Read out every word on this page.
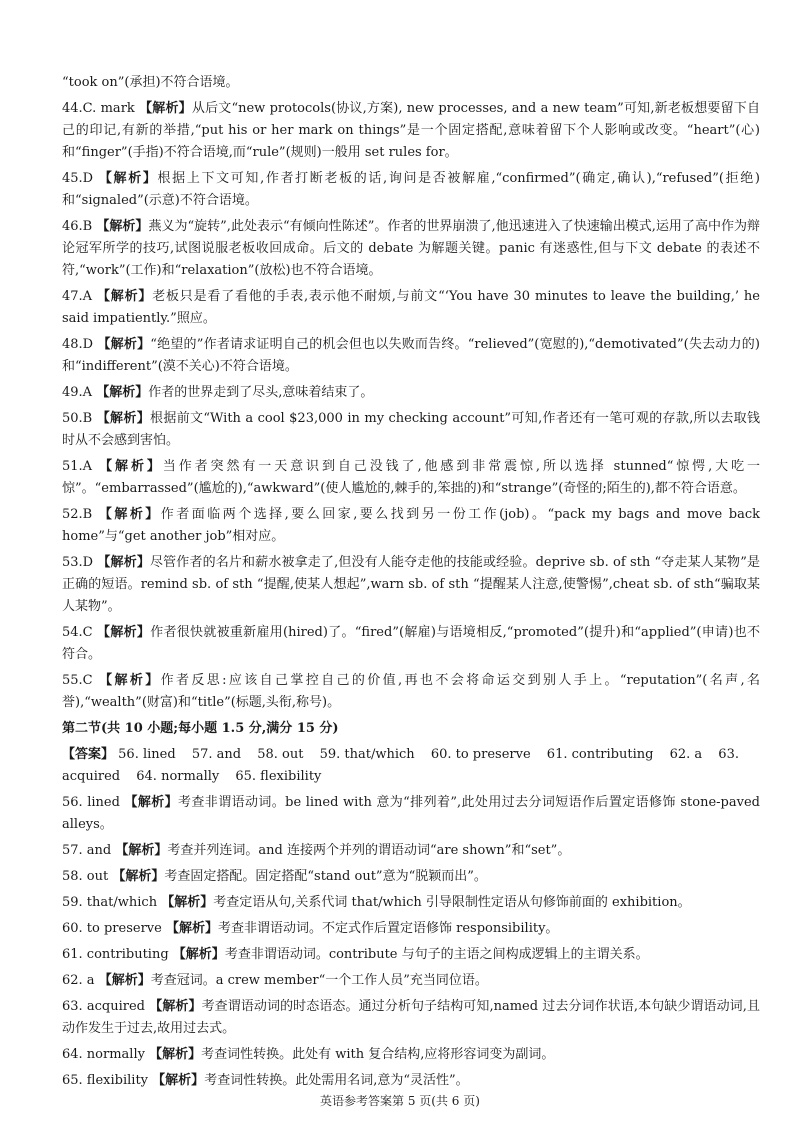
“took on”(承担)不符合语境。

44.C. mark 【解析】从后文“new protocols(协议,方案), new processes, and a new team”可知,新老板想要留下自己的印记,有新的举措,“put his or her mark on things”是一个固定搭配,意味着留下个人影响或改变。“heart”(心)和“finger”(手指)不符合语境,而“rule”(规则)一般用 set rules for。

45.D 【解析】根据上下文可知,作者打断老板的话,询问是否被解雇,“confirmed”(确定,确认),“refused”(拒绝)和“signaled”(示意)不符合语境。

46.B 【解析】燕义为“旋转”,此处表示“有倾向性陈述”。作者的世界崩溃了,他迅速进入了快速输出模式,运用了高中作为辩论冠军所学的技巧,试图说服老板收回成命。后文的 debate 为解题关键。panic 有迷惑性,但与下文 debate 的表述不符,“work”(工作)和“relaxation”(放松)也不符合语境。

47.A 【解析】老板只是看了看他的手表,表示他不耐烦,与前文“‘You have 30 minutes to leave the building,’ he said impatiently.”照应。

48.D 【解析】“绝望的”作者请求证明自己的机会但也以失败而告终。“relieved”(宽慰的),“demotivated”(失去动力的)和“indifferent”(漠不关心)不符合语境。

49.A 【解析】作者的世界走到了尽头,意味着结束了。

50.B 【解析】根据前文“With a cool $23,000 in my checking account”可知,作者还有一笔可观的存款,所以去取钱时从不会感到害怕。

51.A 【解析】当作者突然有一天意识到自己没钱了,他感到非常震惊,所以选择 stunned“惊愕,大吃一惊”。“embarrassed”(尴尬的),“awkward”(使人尴尬的,棘手的,笨拙的)和“strange”(奇怪的;陌生的),都不符合语意。

52.B 【解析】作者面临两个选择,要么回家,要么找到另一份工作(job)。“pack my bags and move back home”与“get another job”相对应。

53.D 【解析】尽管作者的名片和薪水被拿走了,但没有人能夺走他的技能或经验。deprive sb. of sth “夺走某人某物”是正确的短语。remind sb. of sth “提醒,使某人想起”,warn sb. of sth “提醒某人注意,使警惕”,cheat sb. of sth“骗取某人某物”。

54.C 【解析】作者很快就被重新雇用(hired)了。“fired”(解雇)与语境相反,“promoted”(提升)和“applied”(申请)也不符合。

55.C 【解析】作者反思:应该自己掌控自己的价值,再也不会将命运交到别人手上。“reputation”(名声,名誉),“wealth”(财富)和“title”(标题,头衔,称号)。

第二节(共 10 小题;每小题 1.5 分,满分 15 分)

【答案】 56. lined 57. and 58. out 59. that/which 60. to preserve 61. contributing 62. a 63. acquired 64. normally 65. flexibility

56. lined 【解析】考查非谓语动词。be lined with 意为“排列着”,此处用过去分词短语作后置定语修饰 stone-paved alleys。

57. and 【解析】考查并列连词。and 连接两个并列的谓语动词“are shown”和“set”。

58. out 【解析】考查固定搭配。固定搭配“stand out”意为“脱颖而出”。

59. that/which 【解析】考查定语从句,关系代词 that/which 引导限制性定语从句修饰前面的 exhibition。

60. to preserve 【解析】考查非谓语动词。不定式作后置定语修饰 responsibility。

61. contributing 【解析】考查非谓语动词。contribute 与句子的主语之间构成逻辑上的主谓关系。

62. a 【解析】考查冠词。a crew member“一个工作人员”充当同位语。

63. acquired 【解析】考查谓语动词的时态语态。通过分析句子结构可知,named 过去分词作状语,本句缺少谓语动词,且动作发生于过去,故用过去式。

64. normally 【解析】考查词性转换。此处有 with 复合结构,应将形容词变为副词。

65. flexibility 【解析】考查词性转换。此处需用名词,意为“灵活性”。

英语参考答案第 5 页(共 6 页)
